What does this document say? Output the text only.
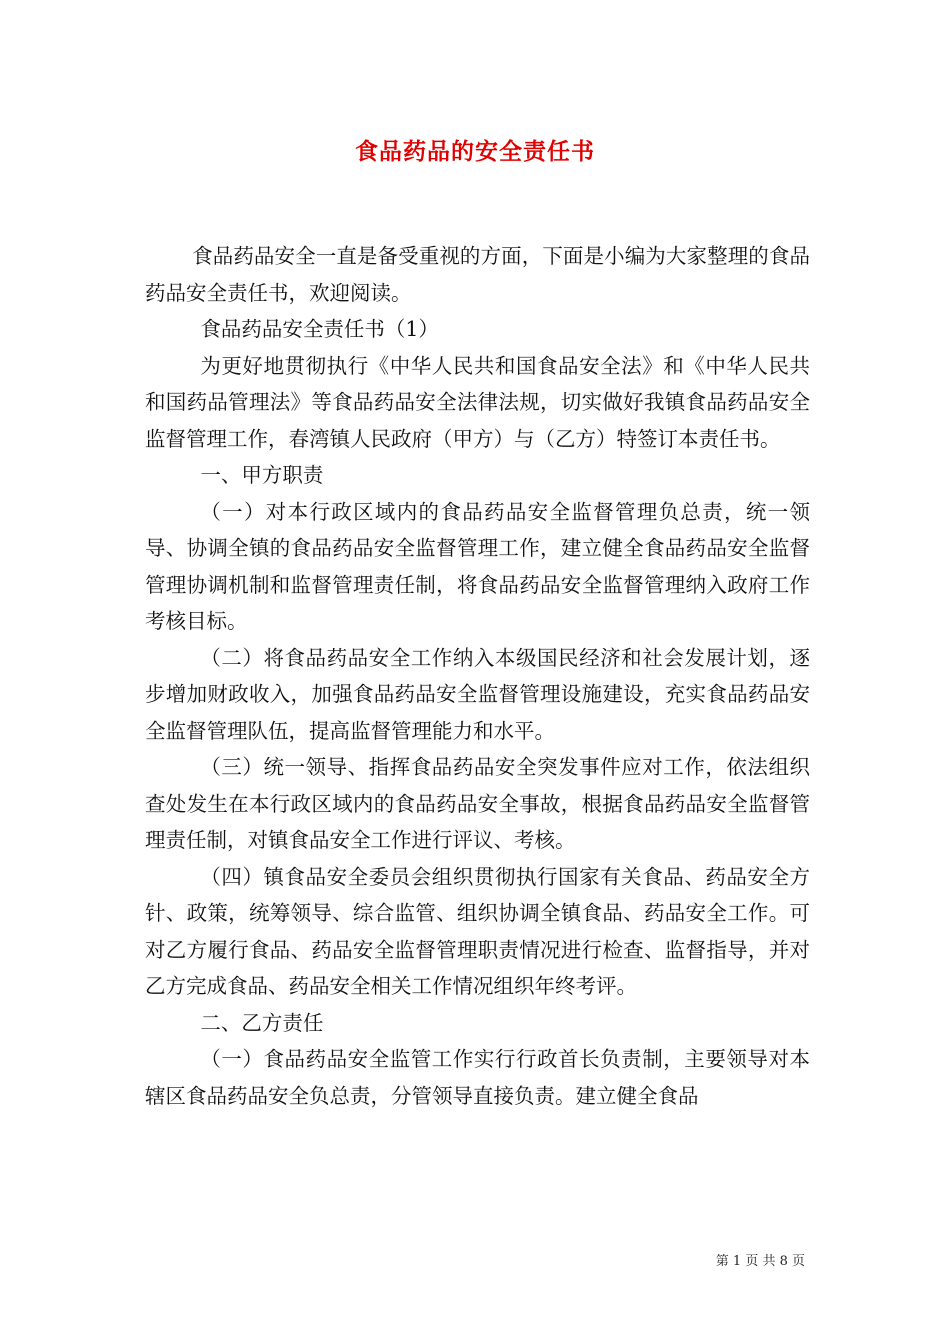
食品药品的安全责任书

食品药品安全一直是备受重视的方面，下面是小编为大家整理的食品药品安全责任书，欢迎阅读。

食品药品安全责任书（1）

为更好地贯彻执行《中华人民共和国食品安全法》和《中华人民共和国药品管理法》等食品药品安全法律法规，切实做好我镇食品药品安全监督管理工作，春湾镇人民政府（甲方）与（乙方）特签订本责任书。

一、甲方职责

（一）对本行政区域内的食品药品安全监督管理负总责，统一领导、协调全镇的食品药品安全监督管理工作，建立健全食品药品安全监督管理协调机制和监督管理责任制，将食品药品安全监督管理纳入政府工作考核目标。

（二）将食品药品安全工作纳入本级国民经济和社会发展计划，逐步增加财政收入，加强食品药品安全监督管理设施建设，充实食品药品安全监督管理队伍，提高监督管理能力和水平。

（三）统一领导、指挥食品药品安全突发事件应对工作，依法组织查处发生在本行政区域内的食品药品安全事故，根据食品药品安全监督管理责任制，对镇食品安全工作进行评议、考核。

（四）镇食品安全委员会组织贯彻执行国家有关食品、药品安全方针、政策，统筹领导、综合监管、组织协调全镇食品、药品安全工作。可对乙方履行食品、药品安全监督管理职责情况进行检查、监督指导，并对乙方完成食品、药品安全相关工作情况组织年终考评。

二、乙方责任

（一）食品药品安全监管工作实行行政首长负责制，主要领导对本辖区食品药品安全负总责，分管领导直接负责。建立健全食品

第 1 页 共 8 页
